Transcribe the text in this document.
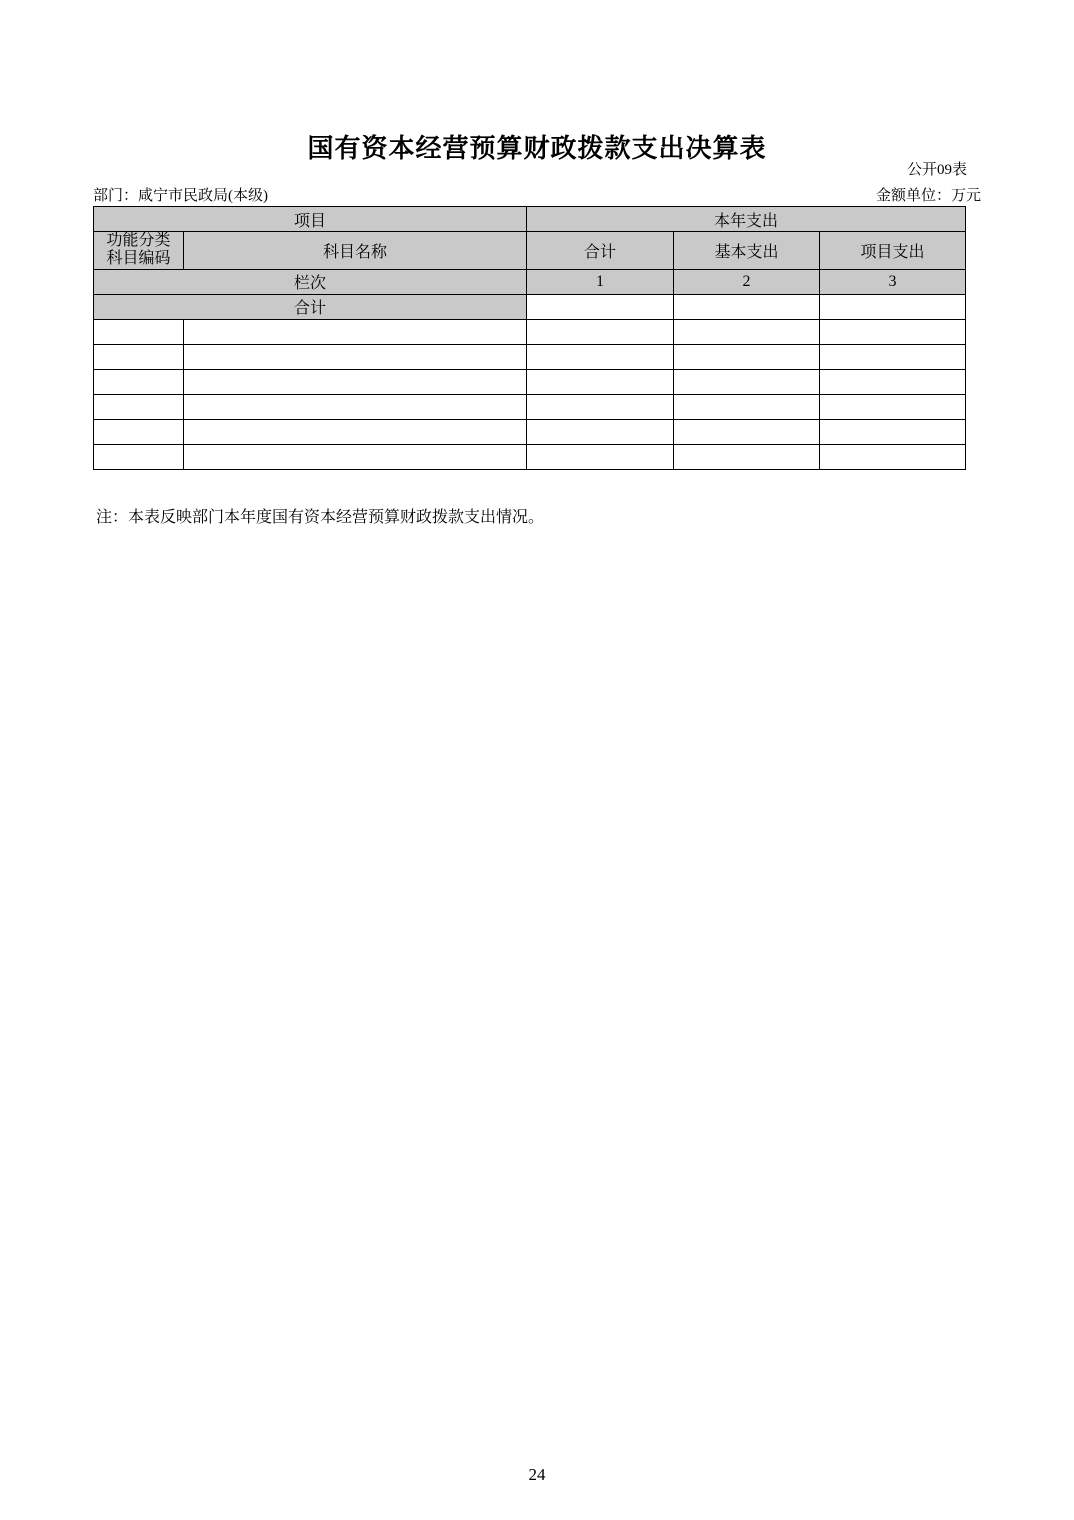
国有资本经营预算财政拨款支出决算表
公开09表
部门：咸宁市民政局(本级)	金额单位：万元
项目		本年支出		

功能分类
科目编码	科目名称	合计	基本支出	项目支出
栏次		1	2	3
合计				

注：本表反映部门本年度国有资本经营预算财政拨款支出情况。
24
